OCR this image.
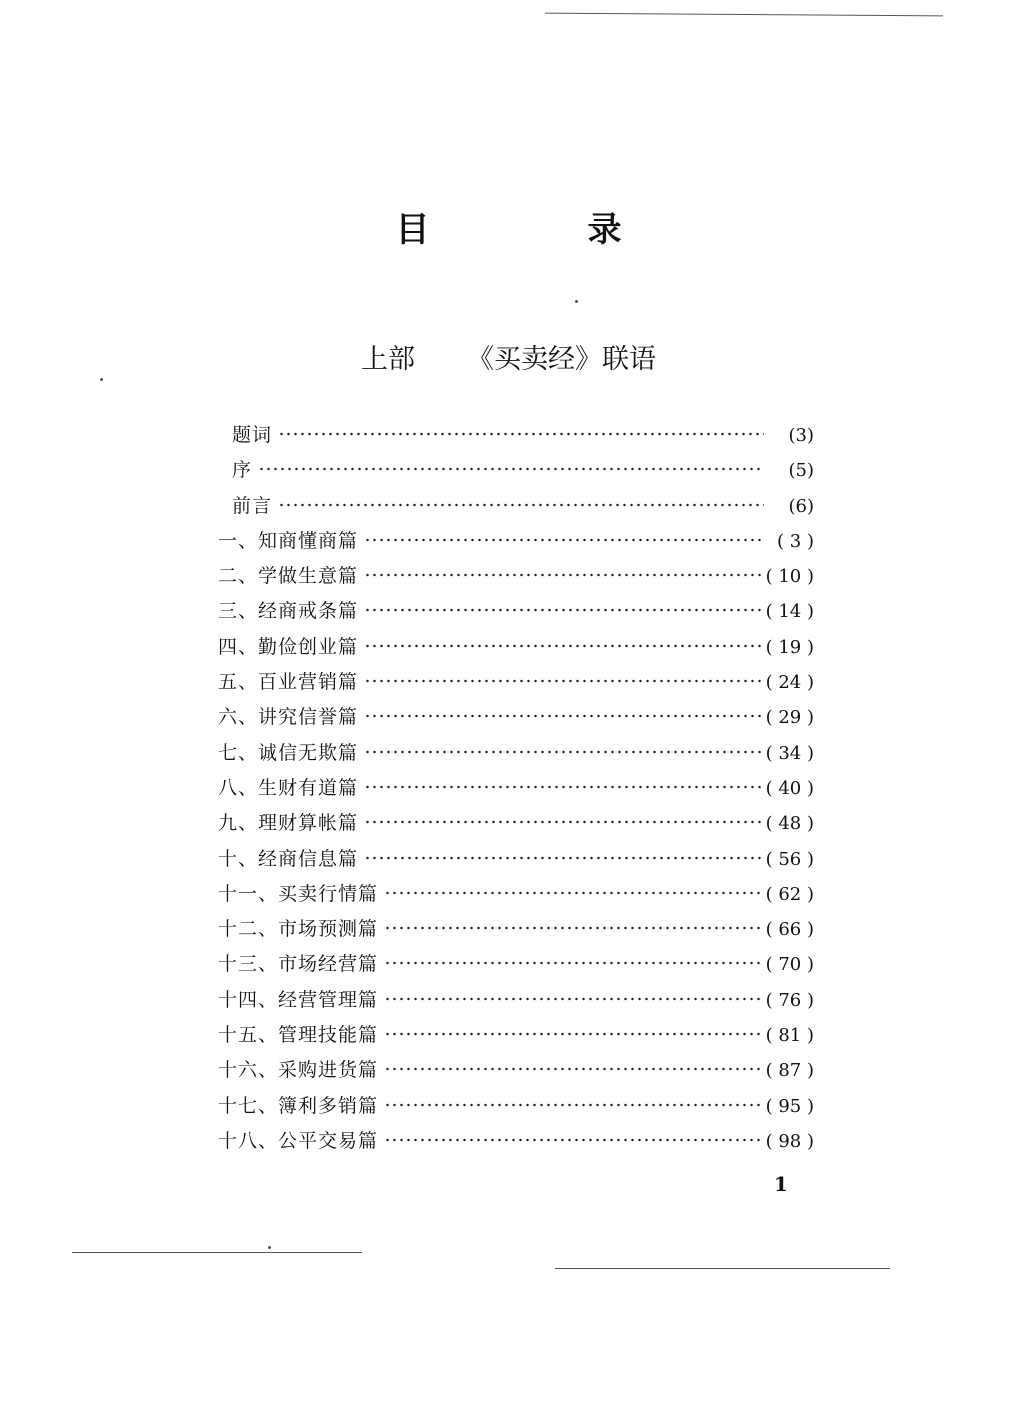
目　录
上部 《买卖经》联语
题词	(3)
序	(5)
前言	(6)
一、知商懂商篇	( 3 )
二、学做生意篇	( 10 )
三、经商戒条篇	( 14 )
四、勤俭创业篇	( 19 )
五、百业营销篇	( 24 )
六、讲究信誉篇	( 29 )
七、诚信无欺篇	( 34 )
八、生财有道篇	( 40 )
九、理财算帐篇	( 48 )
十、经商信息篇	( 56 )
十一、买卖行情篇	( 62 )
十二、市场预测篇	( 66 )
十三、市场经营篇	( 70 )
十四、经营管理篇	( 76 )
十五、管理技能篇	( 81 )
十六、采购进货篇	( 87 )
十七、簿利多销篇	( 95 )
十八、公平交易篇	( 98 )
1
